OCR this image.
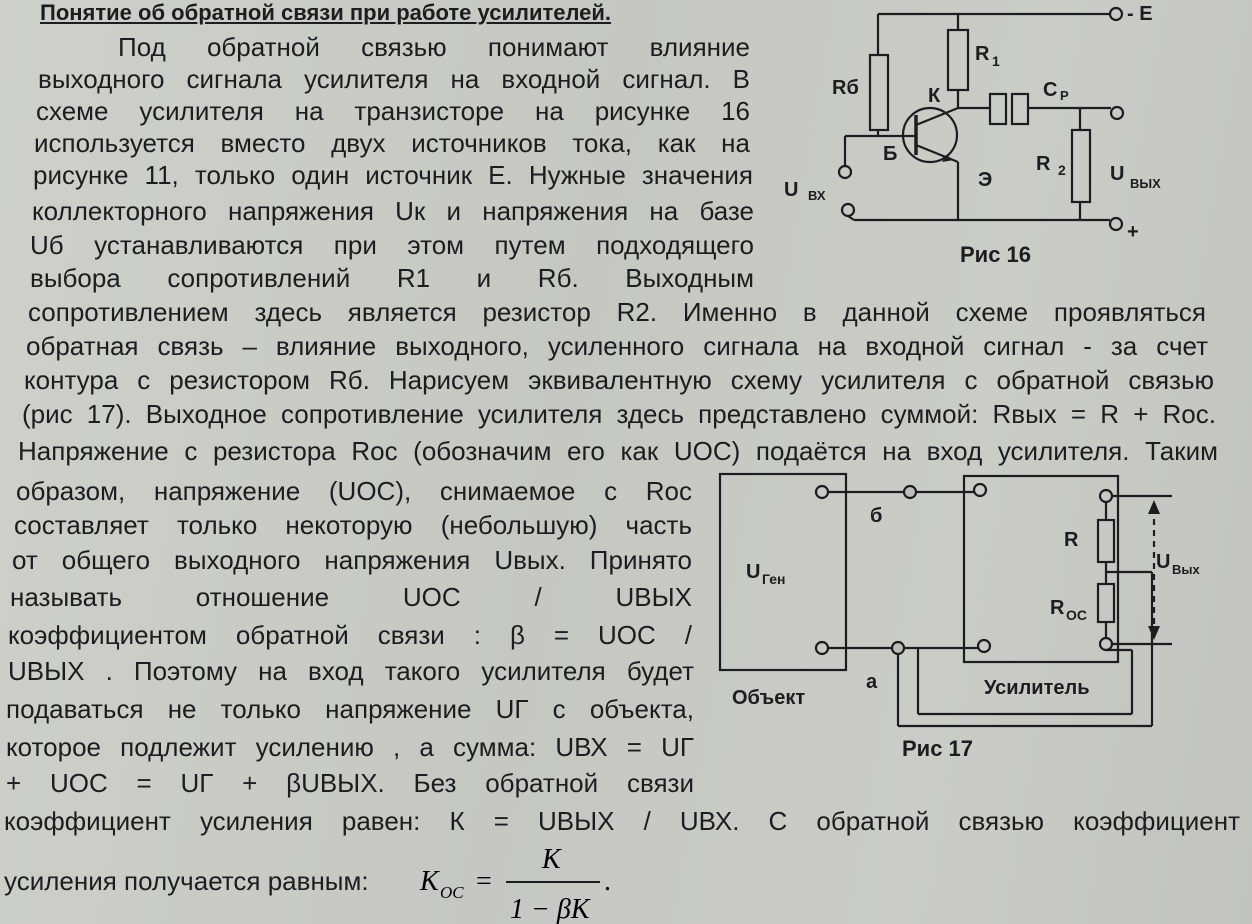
Понятие об обратной связи при работе усилителей.
Под обратной связью понимают влияние
выходного сигнала усилителя на входной сигнал. В
схеме усилителя на транзисторе на рисунке 16
используется вместо двух источников тока, как на
рисунке 11, только один источник Е. Нужные значения
коллекторного напряжения Uк и напряжения на базе
Uб устанавливаются при этом путем подходящего
выбора сопротивлений R1 и Rб. Выходным
сопротивлением здесь является резистор R2. Именно в данной схеме проявляться
обратная связь – влияние выходного, усиленного сигнала на входной сигнал - за счет
контура с резистором Rб. Нарисуем эквивалентную схему усилителя с обратной связью
(рис 17). Выходное сопротивление усилителя здесь представлено суммой: Rвых = R + Rос.
Напряжение с резистора Rос (обозначим его как UОС) подаётся на вход усилителя. Таким
образом, напряжение (UОС), снимаемое с Rос
составляет только некоторую (небольшую) часть
от общего выходного напряжения Uвых. Принято
называть отношение UОС / UВЫХ
коэффициентом обратной связи : β = UОС /
UВЫХ . Поэтому на вход такого усилителя будет
подаваться не только напряжение UГ с объекта,
которое подлежит усилению , а сумма: UВХ = UГ
+ UОС = UГ + βUВЫХ. Без обратной связи
коэффициент усиления равен: К = UВЫХ / UВХ. С обратной связью коэффициент
усиления получается равным: K OC =
K
1 − βK
.
- E
R 1
Rб	К	C Р
Б
U ВХ
Э
R 2 U ВЫХ
+
Рис 16
U Ген
б
а
R
R ОС
U Вых
Объект	Усилитель
Рис 17
